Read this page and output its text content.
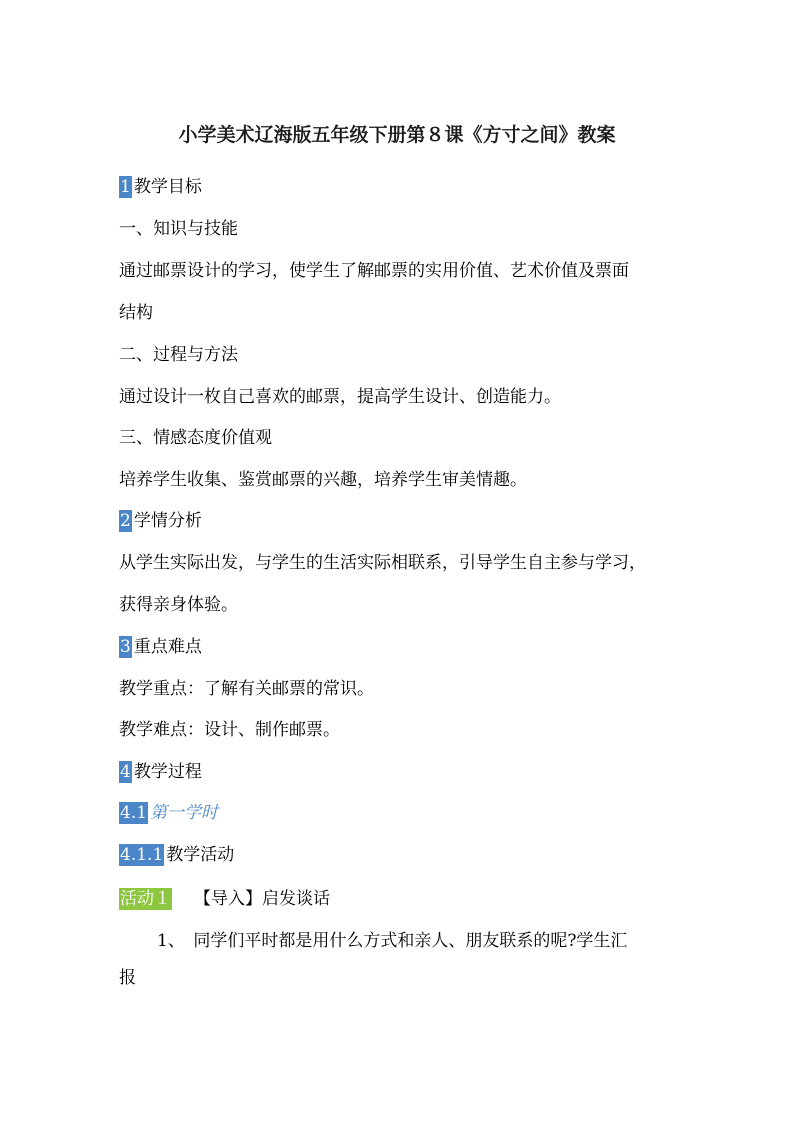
小学美术辽海版五年级下册第８课《方寸之间》教案
1 教学目标
一、知识与技能
通过邮票设计的学习，使学生了解邮票的实用价值、艺术价值及票面
结构
二、过程与方法
通过设计一枚自己喜欢的邮票，提高学生设计、创造能力。
三、情感态度价值观
培养学生收集、鉴赏邮票的兴趣，培养学生审美情趣。
2 学情分析
从学生实际出发，与学生的生活实际相联系，引导学生自主参与学习，
获得亲身体验。
3 重点难点
教学重点：了解有关邮票的常识。
教学难点：设计、制作邮票。
4 教学过程
4.1 第一学时
4.1.1 教学活动
活动１ 【导入】启发谈话
1、　同学们平时都是用什么方式和亲人、朋友联系的呢?学生汇
报
